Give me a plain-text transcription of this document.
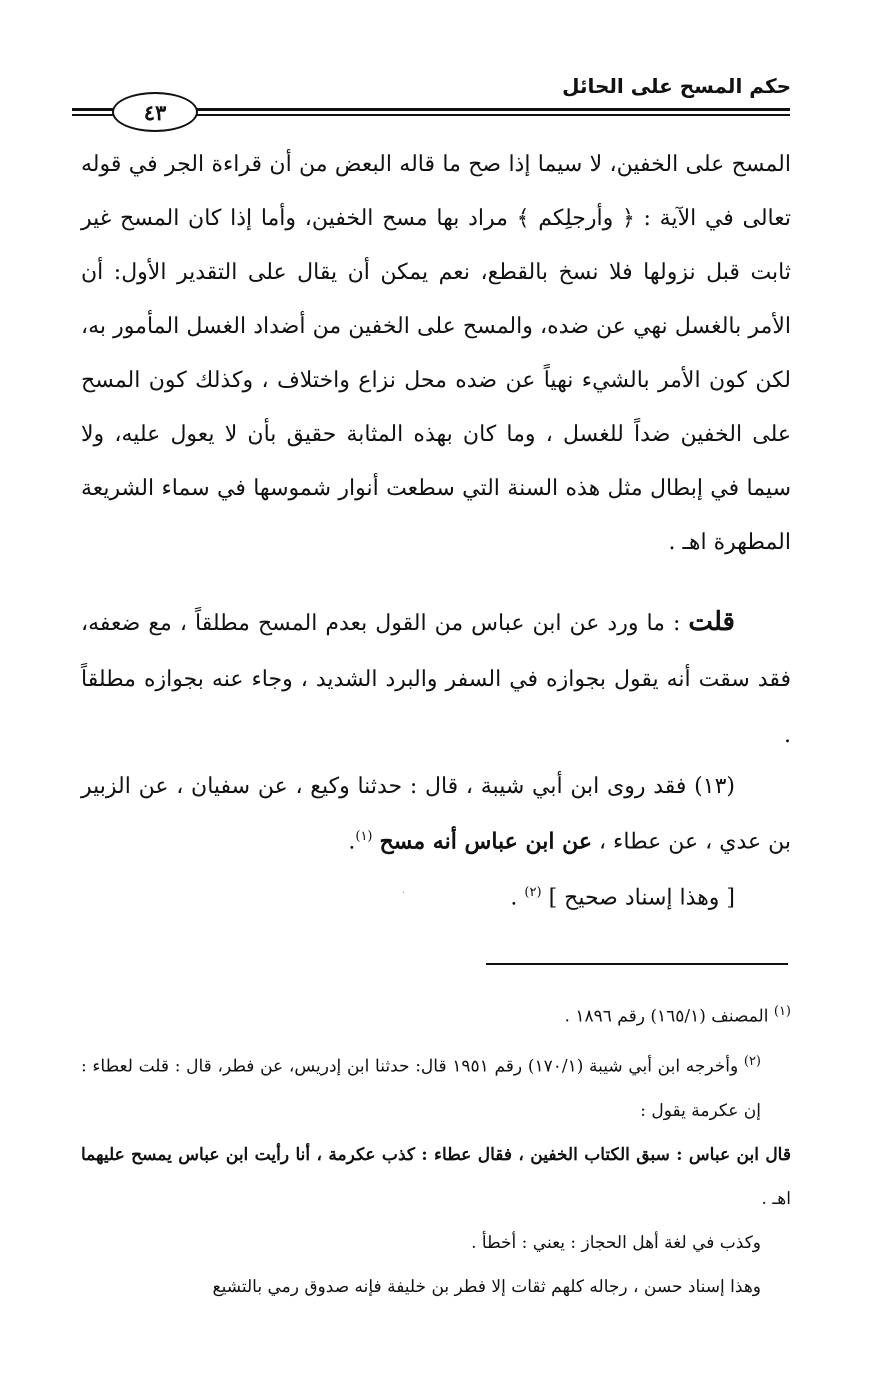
حكم المسح على الحائل
٤٣
المسح على الخفين، لا سيما إذا صح ما قاله البعض من أن قراءة الجر في قوله تعالى في الآية : ﴿ وأرجلِكم ﴾ مراد بها مسح الخفين، وأما إذا كان المسح غير ثابت قبل نزولها فلا نسخ بالقطع، نعم يمكن أن يقال على التقدير الأول: أن الأمر بالغسل نهي عن ضده، والمسح على الخفين من أضداد الغسل المأمور به، لكن كون الأمر بالشيء نهياً عن ضده محل نزاع واختلاف ، وكذلك كون المسح على الخفين ضداً للغسل ، وما كان بهذه المثابة حقيق بأن لا يعول عليه، ولا سيما في إبطال مثل هذه السنة التي سطعت أنوار شموسها في سماء الشريعة المطهرة اهـ .
قلت : ما ورد عن ابن عباس من القول بعدم المسح مطلقاً ، مع ضعفه، فقد سقت أنه يقول بجوازه في السفر والبرد الشديد ، وجاء عنه بجوازه مطلقاً .
(١٣) فقد روى ابن أبي شيبة ، قال : حدثنا وكيع ، عن سفيان ، عن الزبير بن عدي ، عن عطاء ، عن ابن عباس أنه مسح $^{(١)}$.
[ وهذا إسناد صحيح ] $^{(٢)}$ .
·
$^{(١)}$ المصنف (١٦٥/١) رقم ١٨٩٦ .
$^{(٢)}$ وأخرجه ابن أبي شيبة (١٧٠/١) رقم ١٩٥١ قال: حدثنا ابن إدريس، عن فطر، قال : قلت لعطاء : إن عكرمة يقول :
قال ابن عباس : سبق الكتاب الخفين ، فقال عطاء : كذب عكرمة ، أنا رأيت ابن عباس يمسح عليهما اهـ .
وكذب في لغة أهل الحجاز : يعني : أخطأ .
وهذا إسناد حسن ، رجاله كلهم ثقات إلا فطر بن خليفة فإنه صدوق رمي بالتشيع
